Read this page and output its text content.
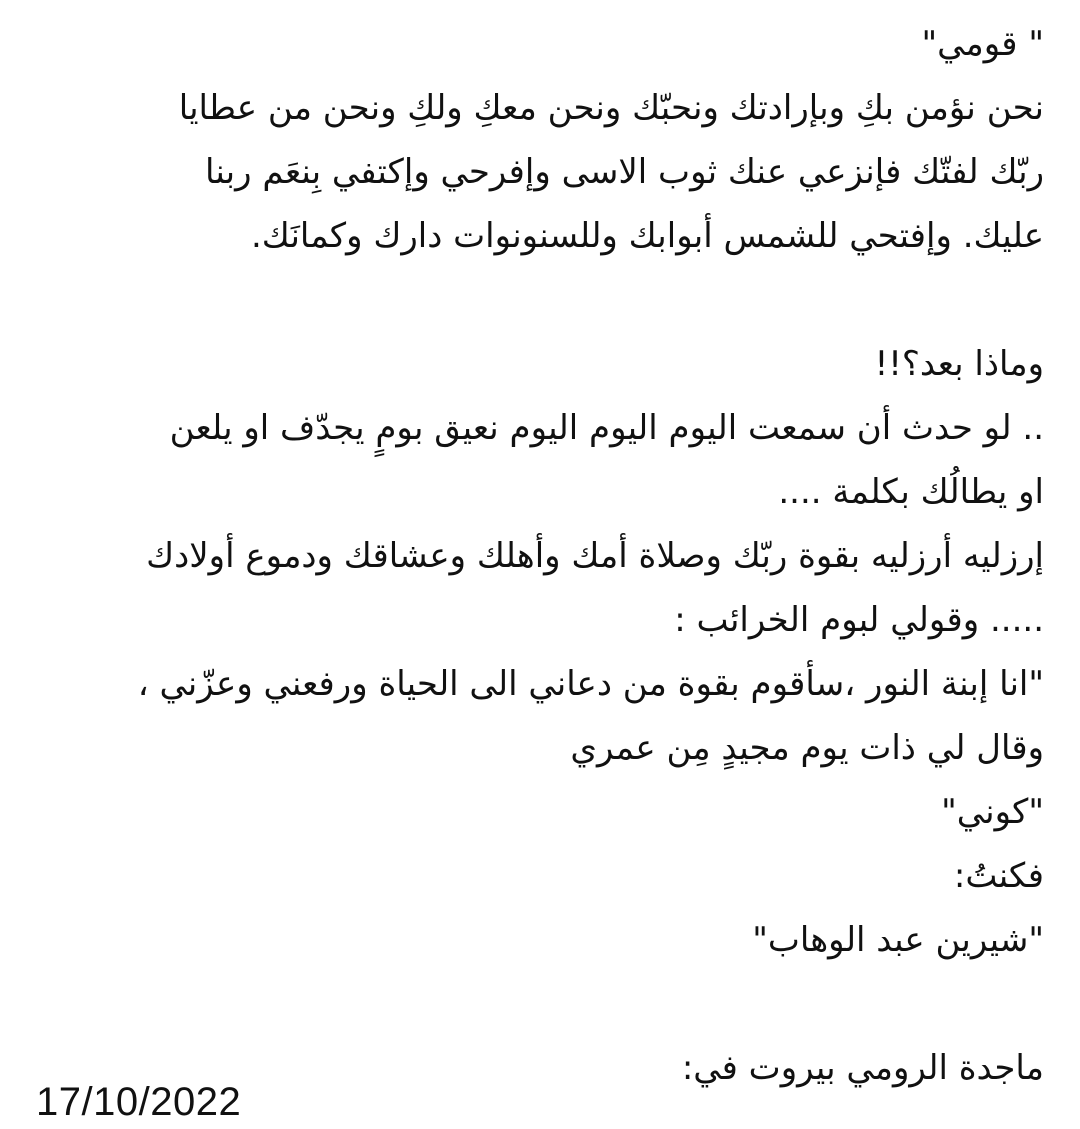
" قومي"
نحن نؤمن بكِ وبإرادتك ونحبّك ونحن معكِ ولكِ ونحن من عطايا
ربّك لفتّك فإنزعي عنك ثوب الاسى وإفرحي وإكتفي بِنعَم ربنا
عليك. وإفتحي للشمس أبوابك وللسنونوات دارك وكمانَك.
وماذا بعد؟!!
.. لو حدث أن سمعت اليوم اليوم اليوم نعيق بومٍ يجدّف او يلعن
او يطالُك بكلمة ....
إرزليه أرزليه بقوة ربّك وصلاة أمك وأهلك وعشاقك ودموع أولادك
..... وقولي لبوم الخرائب :
"انا إبنة النور ،سأقوم بقوة من دعاني الى الحياة ورفعني وعزّني ،
وقال لي ذات يوم مجيدٍ مِن عمري
"كوني"
فكنتُ:
"شيرين عبد الوهاب"
ماجدة الرومي بيروت في:
17/10/2022
